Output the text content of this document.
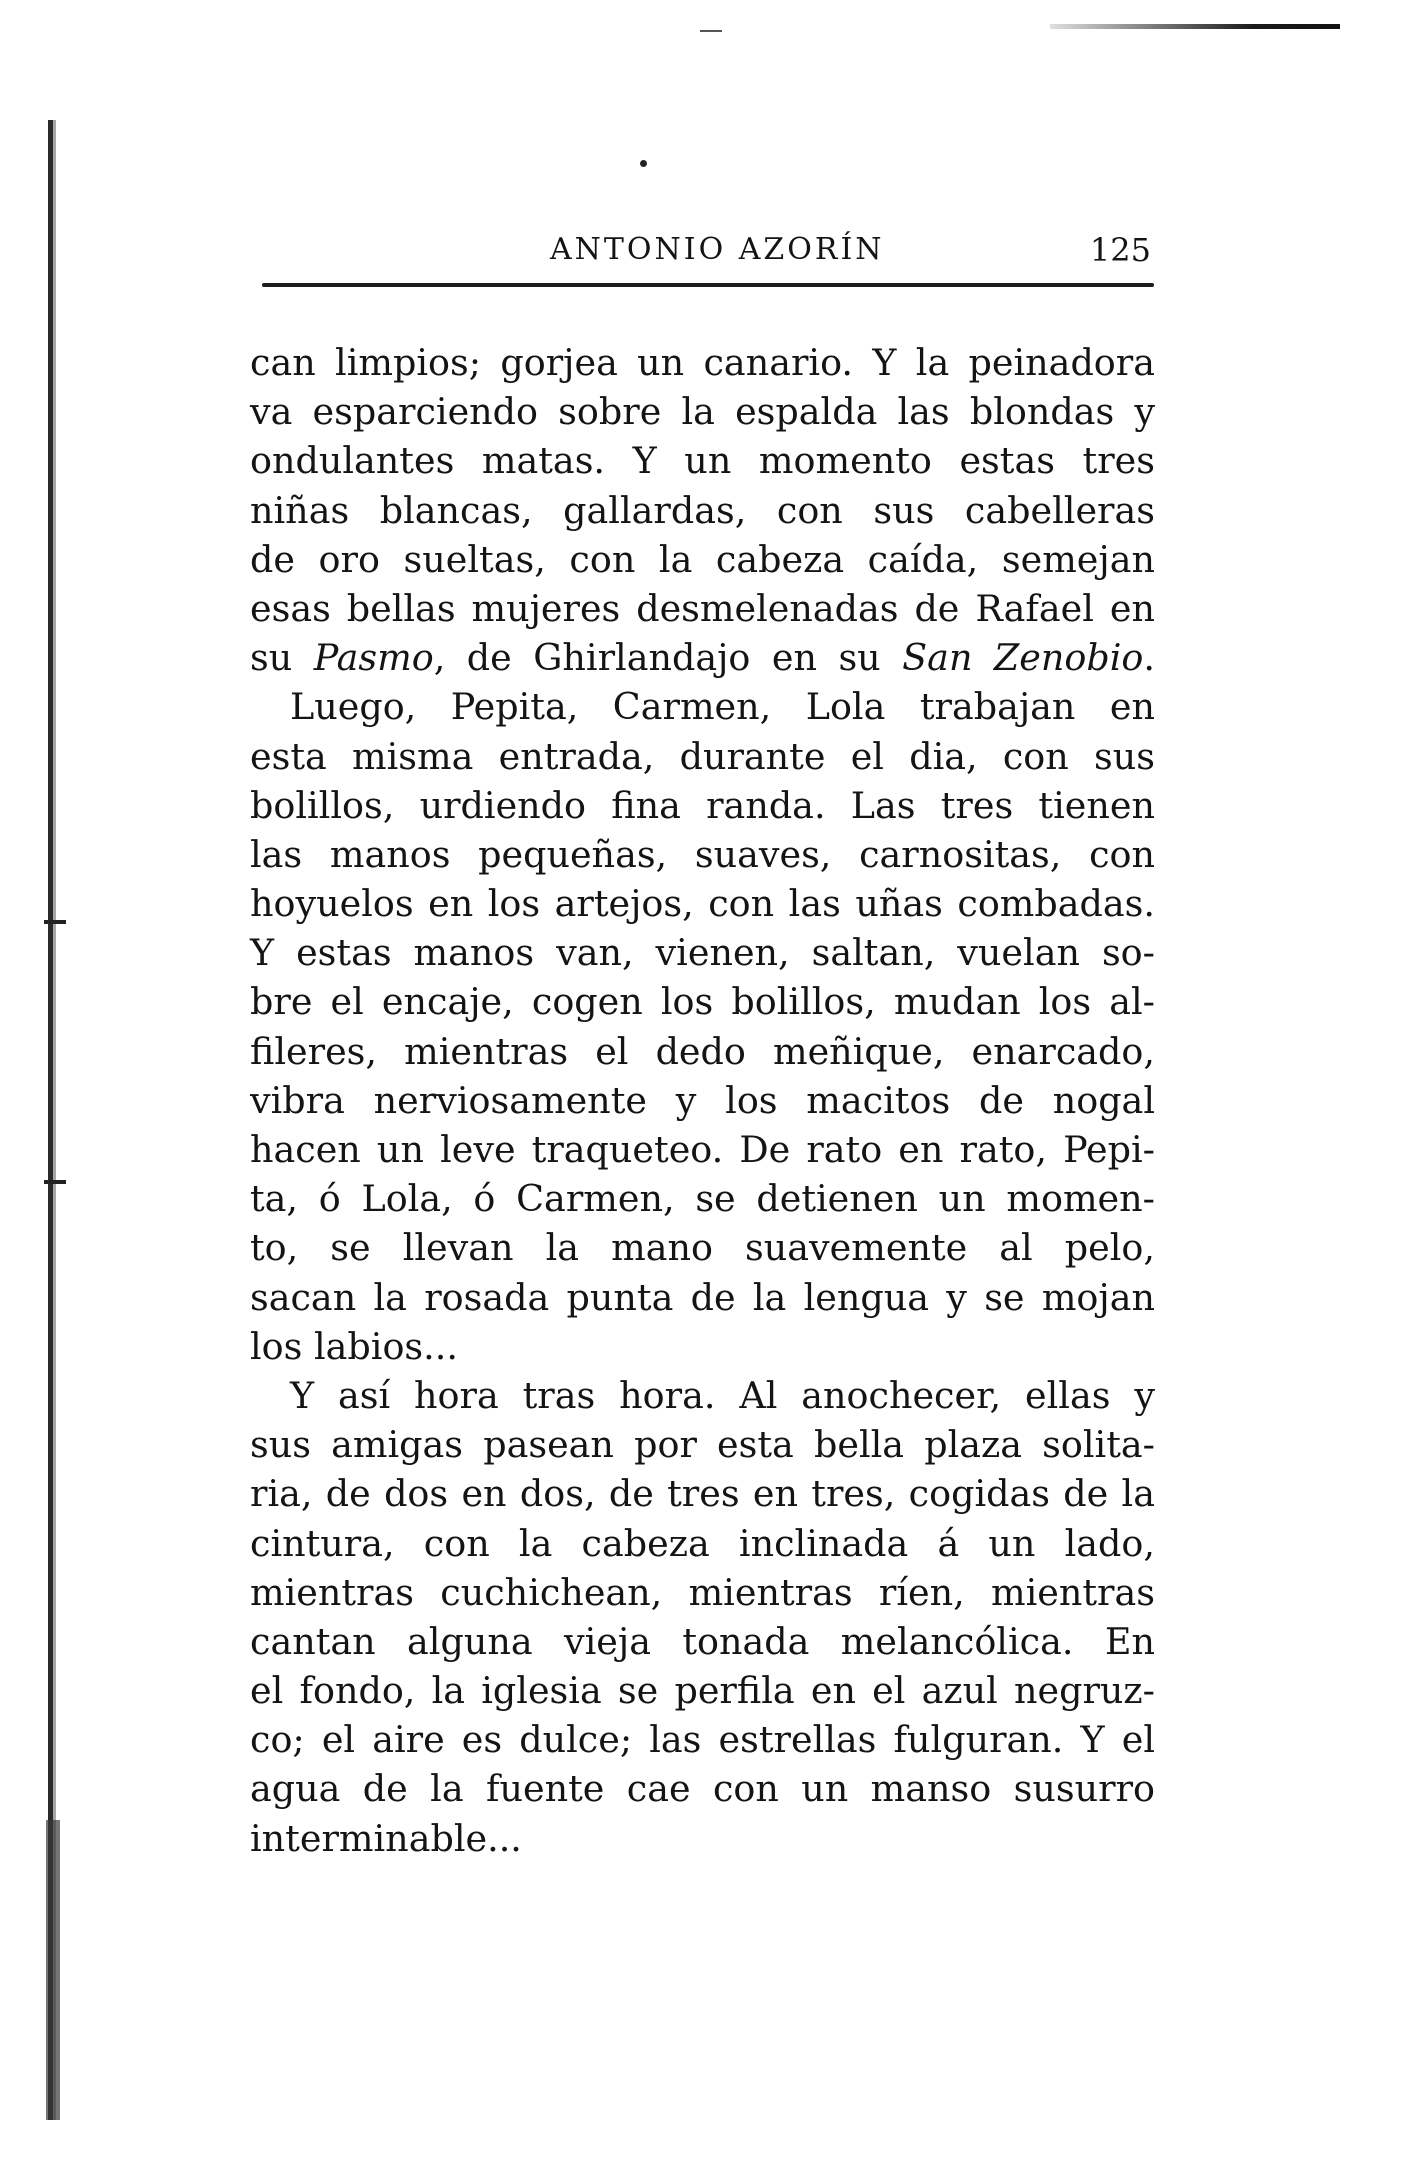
ANTONIO AZORÍN	125
can limpios; gorjea un canario. Y la peinadora
va esparciendo sobre la espalda las blondas y
ondulantes matas. Y un momento estas tres
niñas blancas, gallardas, con sus cabelleras
de oro sueltas, con la cabeza caída, semejan
esas bellas mujeres desmelenadas de Rafael en
su Pasmo, de Ghirlandajo en su San Zenobio.
Luego, Pepita, Carmen, Lola trabajan en
esta misma entrada, durante el dia, con sus
bolillos, urdiendo fina randa. Las tres tienen
las manos pequeñas, suaves, carnositas, con
hoyuelos en los artejos, con las uñas combadas.
Y estas manos van, vienen, saltan, vuelan so-
bre el encaje, cogen los bolillos, mudan los al-
fileres, mientras el dedo meñique, enarcado,
vibra nerviosamente y los macitos de nogal
hacen un leve traqueteo. De rato en rato, Pepi-
ta, ó Lola, ó Carmen, se detienen un momen-
to, se llevan la mano suavemente al pelo,
sacan la rosada punta de la lengua y se mojan
los labios...
Y así hora tras hora. Al anochecer, ellas y
sus amigas pasean por esta bella plaza solita-
ria, de dos en dos, de tres en tres, cogidas de la
cintura, con la cabeza inclinada á un lado,
mientras cuchichean, mientras ríen, mientras
cantan alguna vieja tonada melancólica. En
el fondo, la iglesia se perfila en el azul negruz-
co; el aire es dulce; las estrellas fulguran. Y el
agua de la fuente cae con un manso susurro
interminable...
